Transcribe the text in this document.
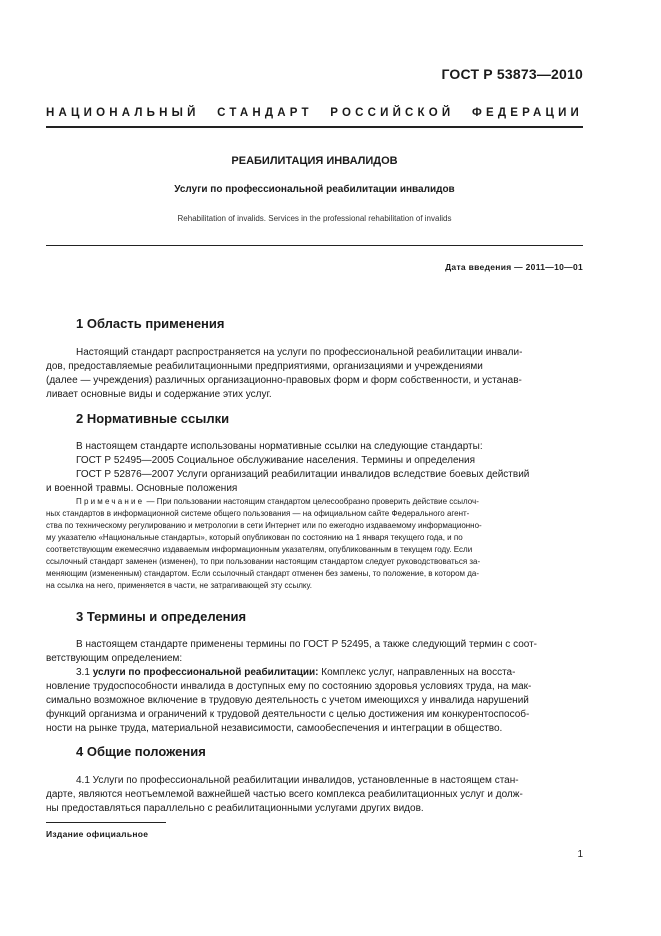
ГОСТ Р 53873—2010
НАЦИОНАЛЬНЫЙ СТАНДАРТ РОССИЙСКОЙ ФЕДЕРАЦИИ
РЕАБИЛИТАЦИЯ ИНВАЛИДОВ
Услуги по профессиональной реабилитации инвалидов
Rehabilitation of invalids. Services in the professional rehabilitation of invalids
Дата введения — 2011—10—01
1 Область применения
Настоящий стандарт распространяется на услуги по профессиональной реабилитации инвали-
дов, предоставляемые реабилитационными предприятиями, организациями и учреждениями
(далее — учреждения) различных организационно-правовых форм и форм собственности, и устанав-
ливает основные виды и содержание этих услуг.
2 Нормативные ссылки
В настоящем стандарте использованы нормативные ссылки на следующие стандарты:
ГОСТ Р 52495—2005 Социальное обслуживание населения. Термины и определения
ГОСТ Р 52876—2007 Услуги организаций реабилитации инвалидов вследствие боевых действий
и военной травмы. Основные положения
Примечание — При пользовании настоящим стандартом целесообразно проверить действие ссылоч-
ных стандартов в информационной системе общего пользования — на официальном сайте Федерального агент-
ства по техническому регулированию и метрологии в сети Интернет или по ежегодно издаваемому информационно-
му указателю «Национальные стандарты», который опубликован по состоянию на 1 января текущего года, и по
соответствующим ежемесячно издаваемым информационным указателям, опубликованным в текущем году. Если
ссылочный стандарт заменен (изменен), то при пользовании настоящим стандартом следует руководствоваться за-
меняющим (измененным) стандартом. Если ссылочный стандарт отменен без замены, то положение, в котором да-
на ссылка на него, применяется в части, не затрагивающей эту ссылку.
3 Термины и определения
В настоящем стандарте применены термины по ГОСТ Р 52495, а также следующий термин с соот-
ветствующим определением:
3.1 услуги по профессиональной реабилитации: Комплекс услуг, направленных на восста-
новление трудоспособности инвалида в доступных ему по состоянию здоровья условиях труда, на мак-
симально возможное включение в трудовую деятельность с учетом имеющихся у инвалида нарушений
функций организма и ограничений к трудовой деятельности с целью достижения им конкурентоспособ-
ности на рынке труда, материальной независимости, самообеспечения и интеграции в общество.
4 Общие положения
4.1 Услуги по профессиональной реабилитации инвалидов, установленные в настоящем стан-
дарте, являются неотъемлемой важнейшей частью всего комплекса реабилитационных услуг и долж-
ны предоставляться параллельно с реабилитационными услугами других видов.
Издание официальное
1
